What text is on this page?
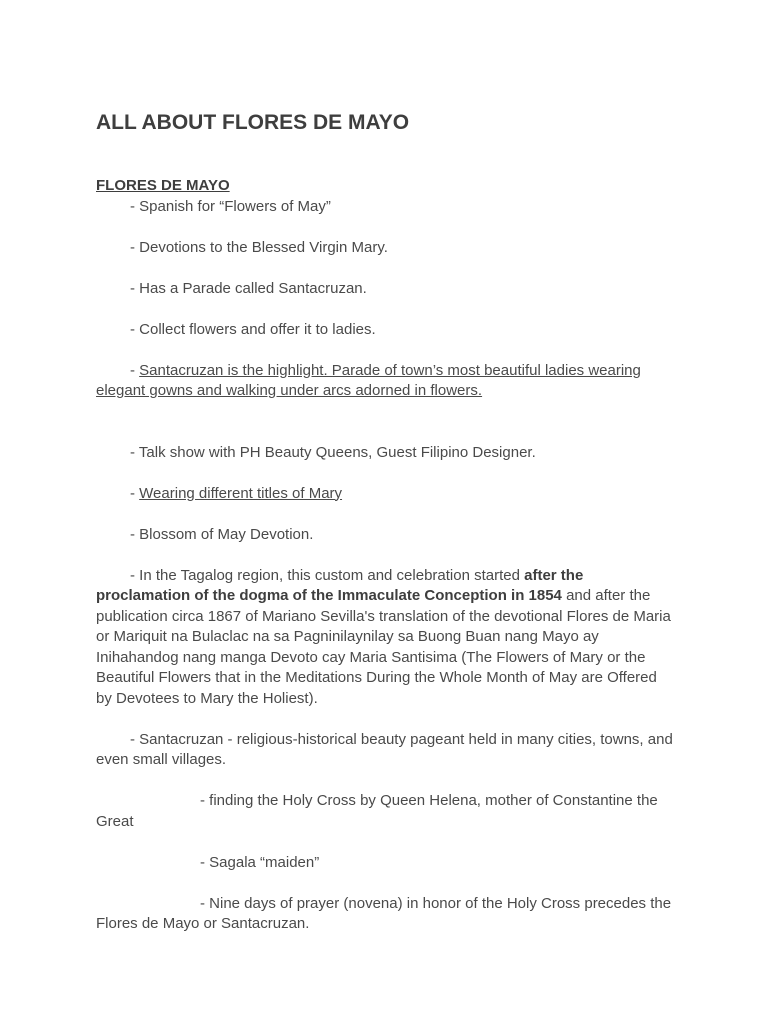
ALL ABOUT FLORES DE MAYO

FLORES DE MAYO

- Spanish for “Flowers of May”

- Devotions to the Blessed Virgin Mary.

- Has a Parade called Santacruzan.

- Collect flowers and offer it to ladies.

- Santacruzan is the highlight. Parade of town’s most beautiful ladies wearing elegant gowns and walking under arcs adorned in flowers.

- Talk show with PH Beauty Queens, Guest Filipino Designer.

- Wearing different titles of Mary

- Blossom of May Devotion.

- In the Tagalog region, this custom and celebration started after the proclamation of the dogma of the Immaculate Conception in 1854 and after the publication circa 1867 of Mariano Sevilla's translation of the devotional Flores de Maria or Mariquit na Bulaclac na sa Pagninilaynilay sa Buong Buan nang Mayo ay Inihahandog nang manga Devoto cay Maria Santisima (The Flowers of Mary or the Beautiful Flowers that in the Meditations During the Whole Month of May are Offered by Devotees to Mary the Holiest).

- Santacruzan - religious-historical beauty pageant held in many cities, towns, and even small villages.

- finding the Holy Cross by Queen Helena, mother of Constantine the Great

- Sagala “maiden”

- Nine days of prayer (novena) in honor of the Holy Cross precedes the Flores de Mayo or Santacruzan.
